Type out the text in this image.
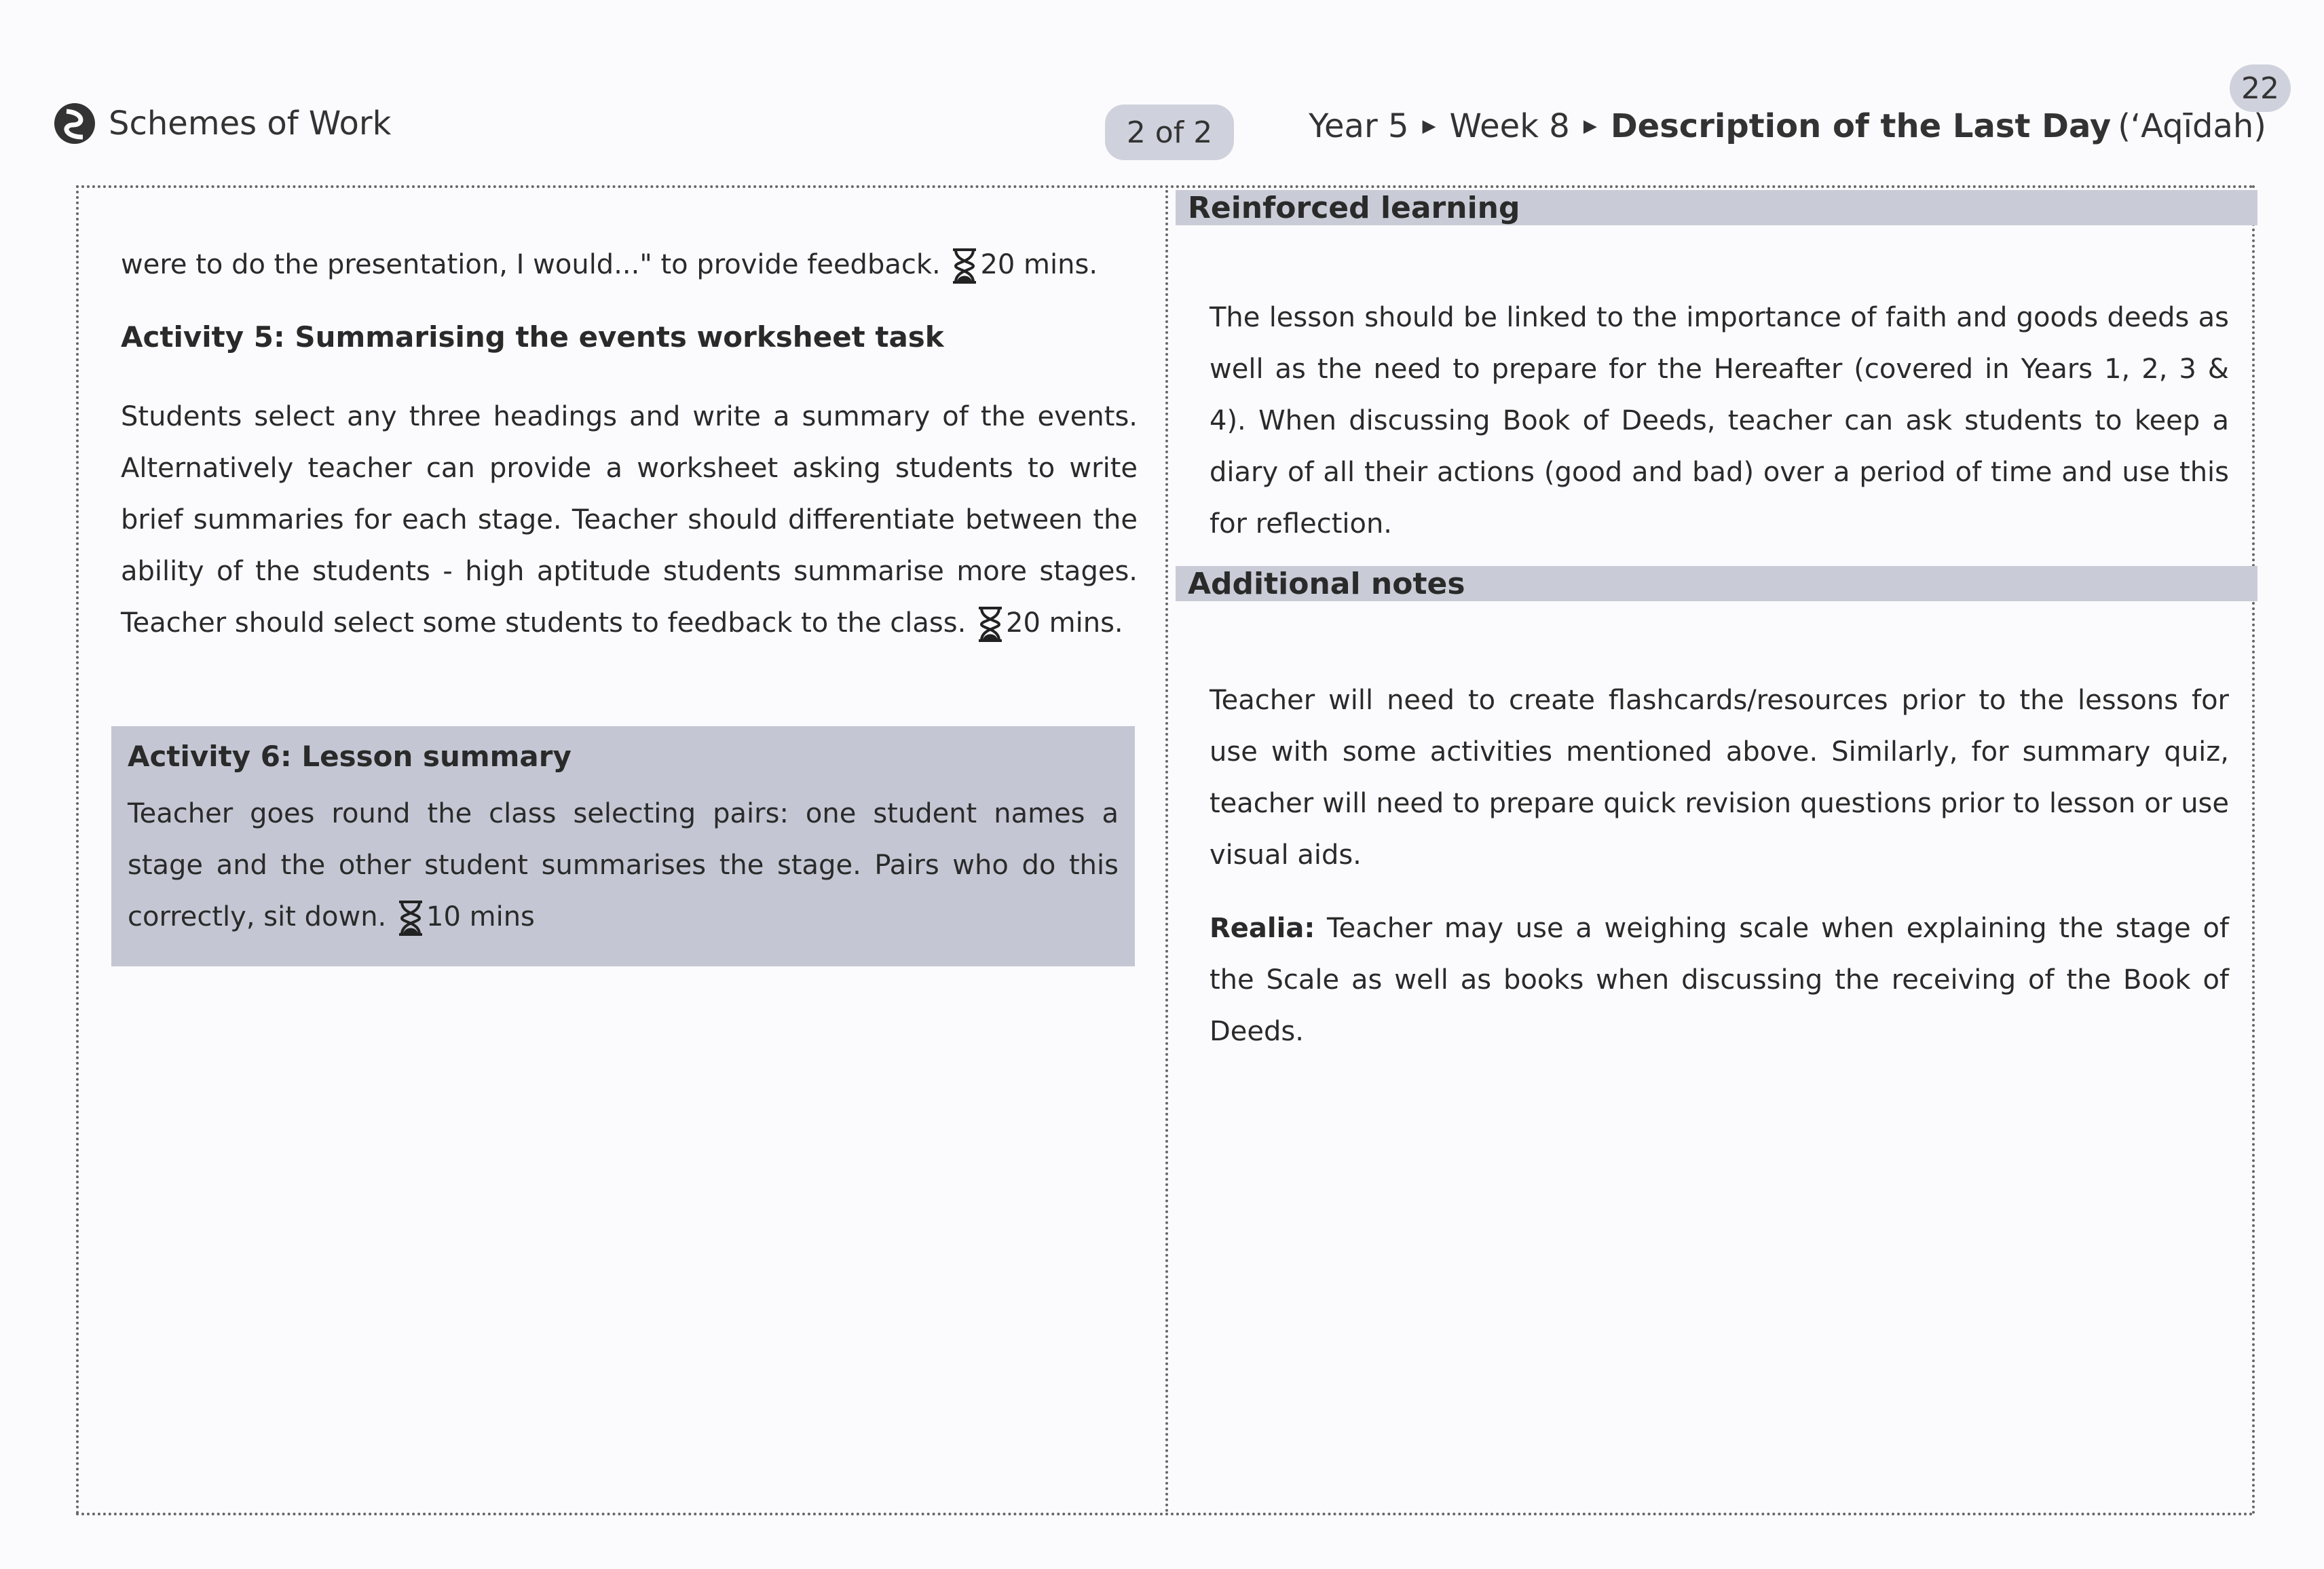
Schemes of Work	2 of 2
22
Year 5 ▶ Week 8 ▶ Description of the Last Day (‘Aqīdah)

were to do the presentation, I would..." to provide feedback. 20 mins.

Activity 5: Summarising the events worksheet task

Students select any three headings and write a summary of the events. Alternatively teacher can provide a worksheet asking students to write brief summaries for each stage. Teacher should differentiate between the ability of the students - high aptitude students summarise more stages. Teacher should select some students to feedback to the class. 20 mins.

Activity 6: Lesson summary

Teacher goes round the class selecting pairs: one student names a stage and the other student summarises the stage. Pairs who do this correctly, sit down. 10 mins

Reinforced learning

The lesson should be linked to the importance of faith and goods deeds as well as the need to prepare for the Hereafter (covered in Years 1, 2, 3 & 4). When discussing Book of Deeds, teacher can ask students to keep a diary of all their actions (good and bad) over a period of time and use this for reflection.

Additional notes

Teacher will need to create flashcards/resources prior to the lessons for use with some activities mentioned above. Similarly, for summary quiz, teacher will need to prepare quick revision questions prior to lesson or use visual aids.

Realia: Teacher may use a weighing scale when explaining the stage of the Scale as well as books when discussing the receiving of the Book of Deeds.
